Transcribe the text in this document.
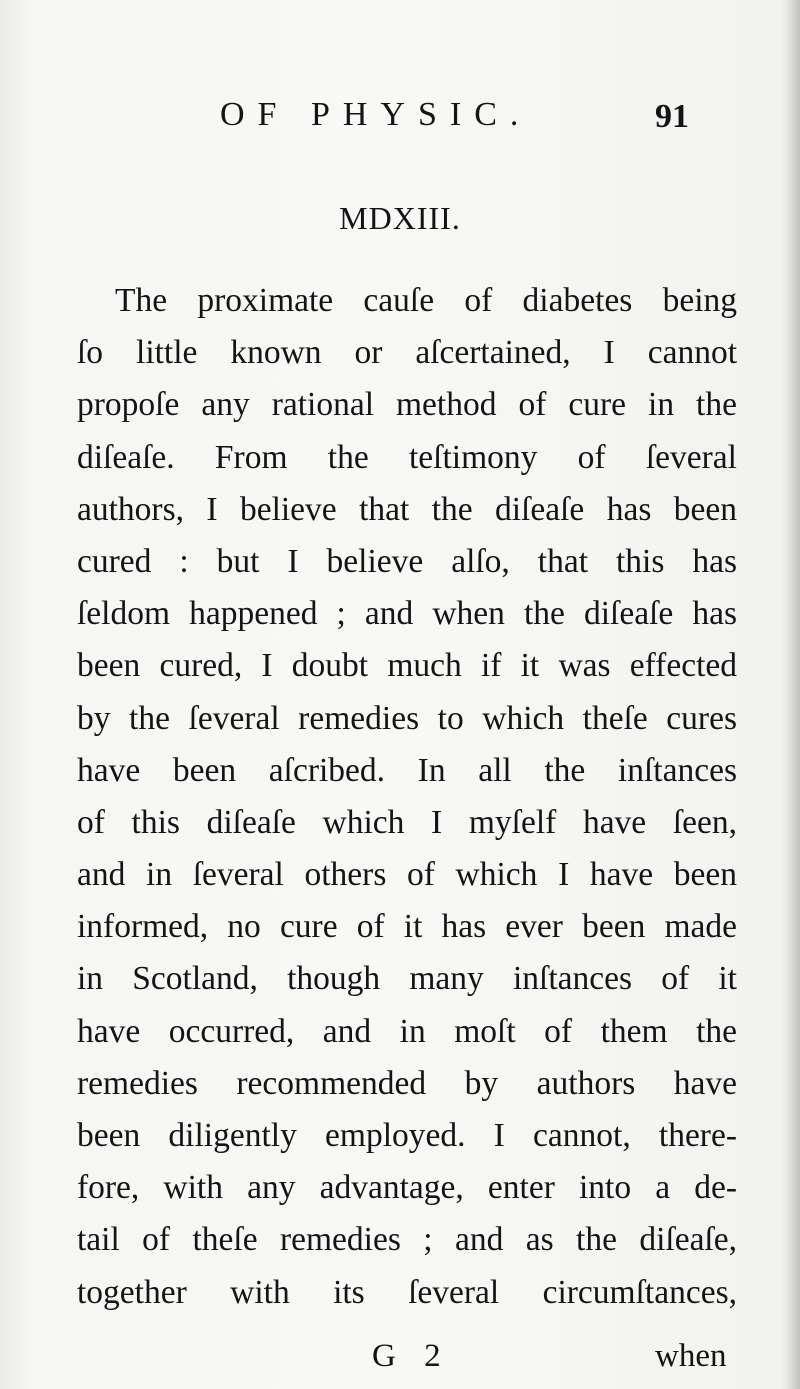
OF PHYSIC.	91
MDXIII.
The proximate cauſe of diabetes being
ſo little known or aſcertained, I cannot
propoſe any rational method of cure in the
diſeaſe. From the teſtimony of ſeveral
authors, I believe that the diſeaſe has been
cured : but I believe alſo, that this has
ſeldom happened ; and when the diſeaſe has
been cured, I doubt much if it was effected
by the ſeveral remedies to which theſe cures
have been aſcribed. In all the inſtances
of this diſeaſe which I myſelf have ſeen,
and in ſeveral others of which I have been
informed, no cure of it has ever been made
in Scotland, though many inſtances of it
have occurred, and in moſt of them the
remedies recommended by authors have
been diligently employed. I cannot, there-
fore, with any advantage, enter into a de-
tail of theſe remedies ; and as the diſeaſe,
together with its ſeveral circumſtances,
G 2	when
